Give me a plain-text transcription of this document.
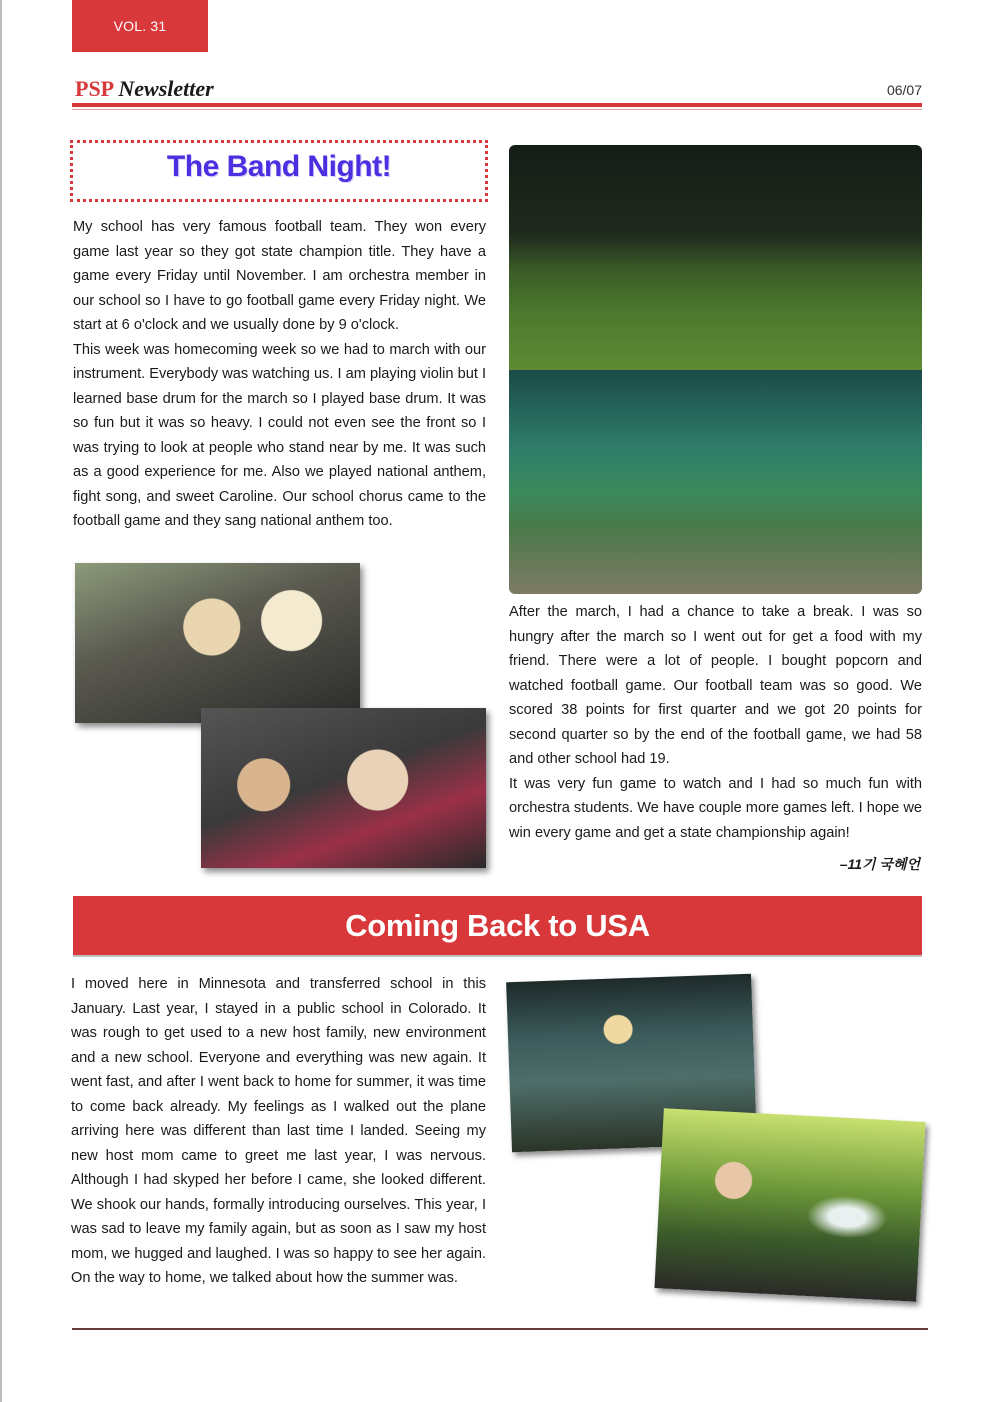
VOL. 31
PSP Newsletter	06/07
The Band Night!

My school has very famous football team. They won every game last year so they got state champion title. They have a game every Friday until November. I am orchestra member in our school so I have to go football game every Friday night. We start at 6 o'clock and we usually done by 9 o'clock.

This week was homecoming week so we had to march with our instrument. Everybody was watching us. I am playing violin but I learned base drum for the march so I played base drum. It was so fun but it was so heavy. I could not even see the front so I was trying to look at people who stand near by me. It was such as a good experience for me. Also we played national anthem, fight song, and sweet Caroline. Our school chorus came to the football game and they sang national anthem too.

After the march, I had a chance to take a break. I was so hungry after the march so I went out for get a food with my friend. There were a lot of people. I bought popcorn and watched football game. Our football team was so good. We scored 38 points for first quarter and we got 20 points for second quarter so by the end of the football game, we had 58 and other school had 19.

It was very fun game to watch and I had so much fun with orchestra students. We have couple more games left. I hope we win every game and get a state championship again!

–11기 국혜언
Coming Back to USA

I moved here in Minnesota and transferred school in this January. Last year, I stayed in a public school in Colorado. It was rough to get used to a new host family, new environment and a new school. Everyone and everything was new again. It went fast, and after I went back to home for summer, it was time to come back already. My feelings as I walked out the plane arriving here was different than last time I landed. Seeing my new host mom came to greet me last year, I was nervous. Although I had skyped her before I came, she looked different. We shook our hands, formally introducing ourselves. This year, I was sad to leave my family again, but as soon as I saw my host mom, we hugged and laughed. I was so happy to see her again. On the way to home, we talked about how the summer was.
